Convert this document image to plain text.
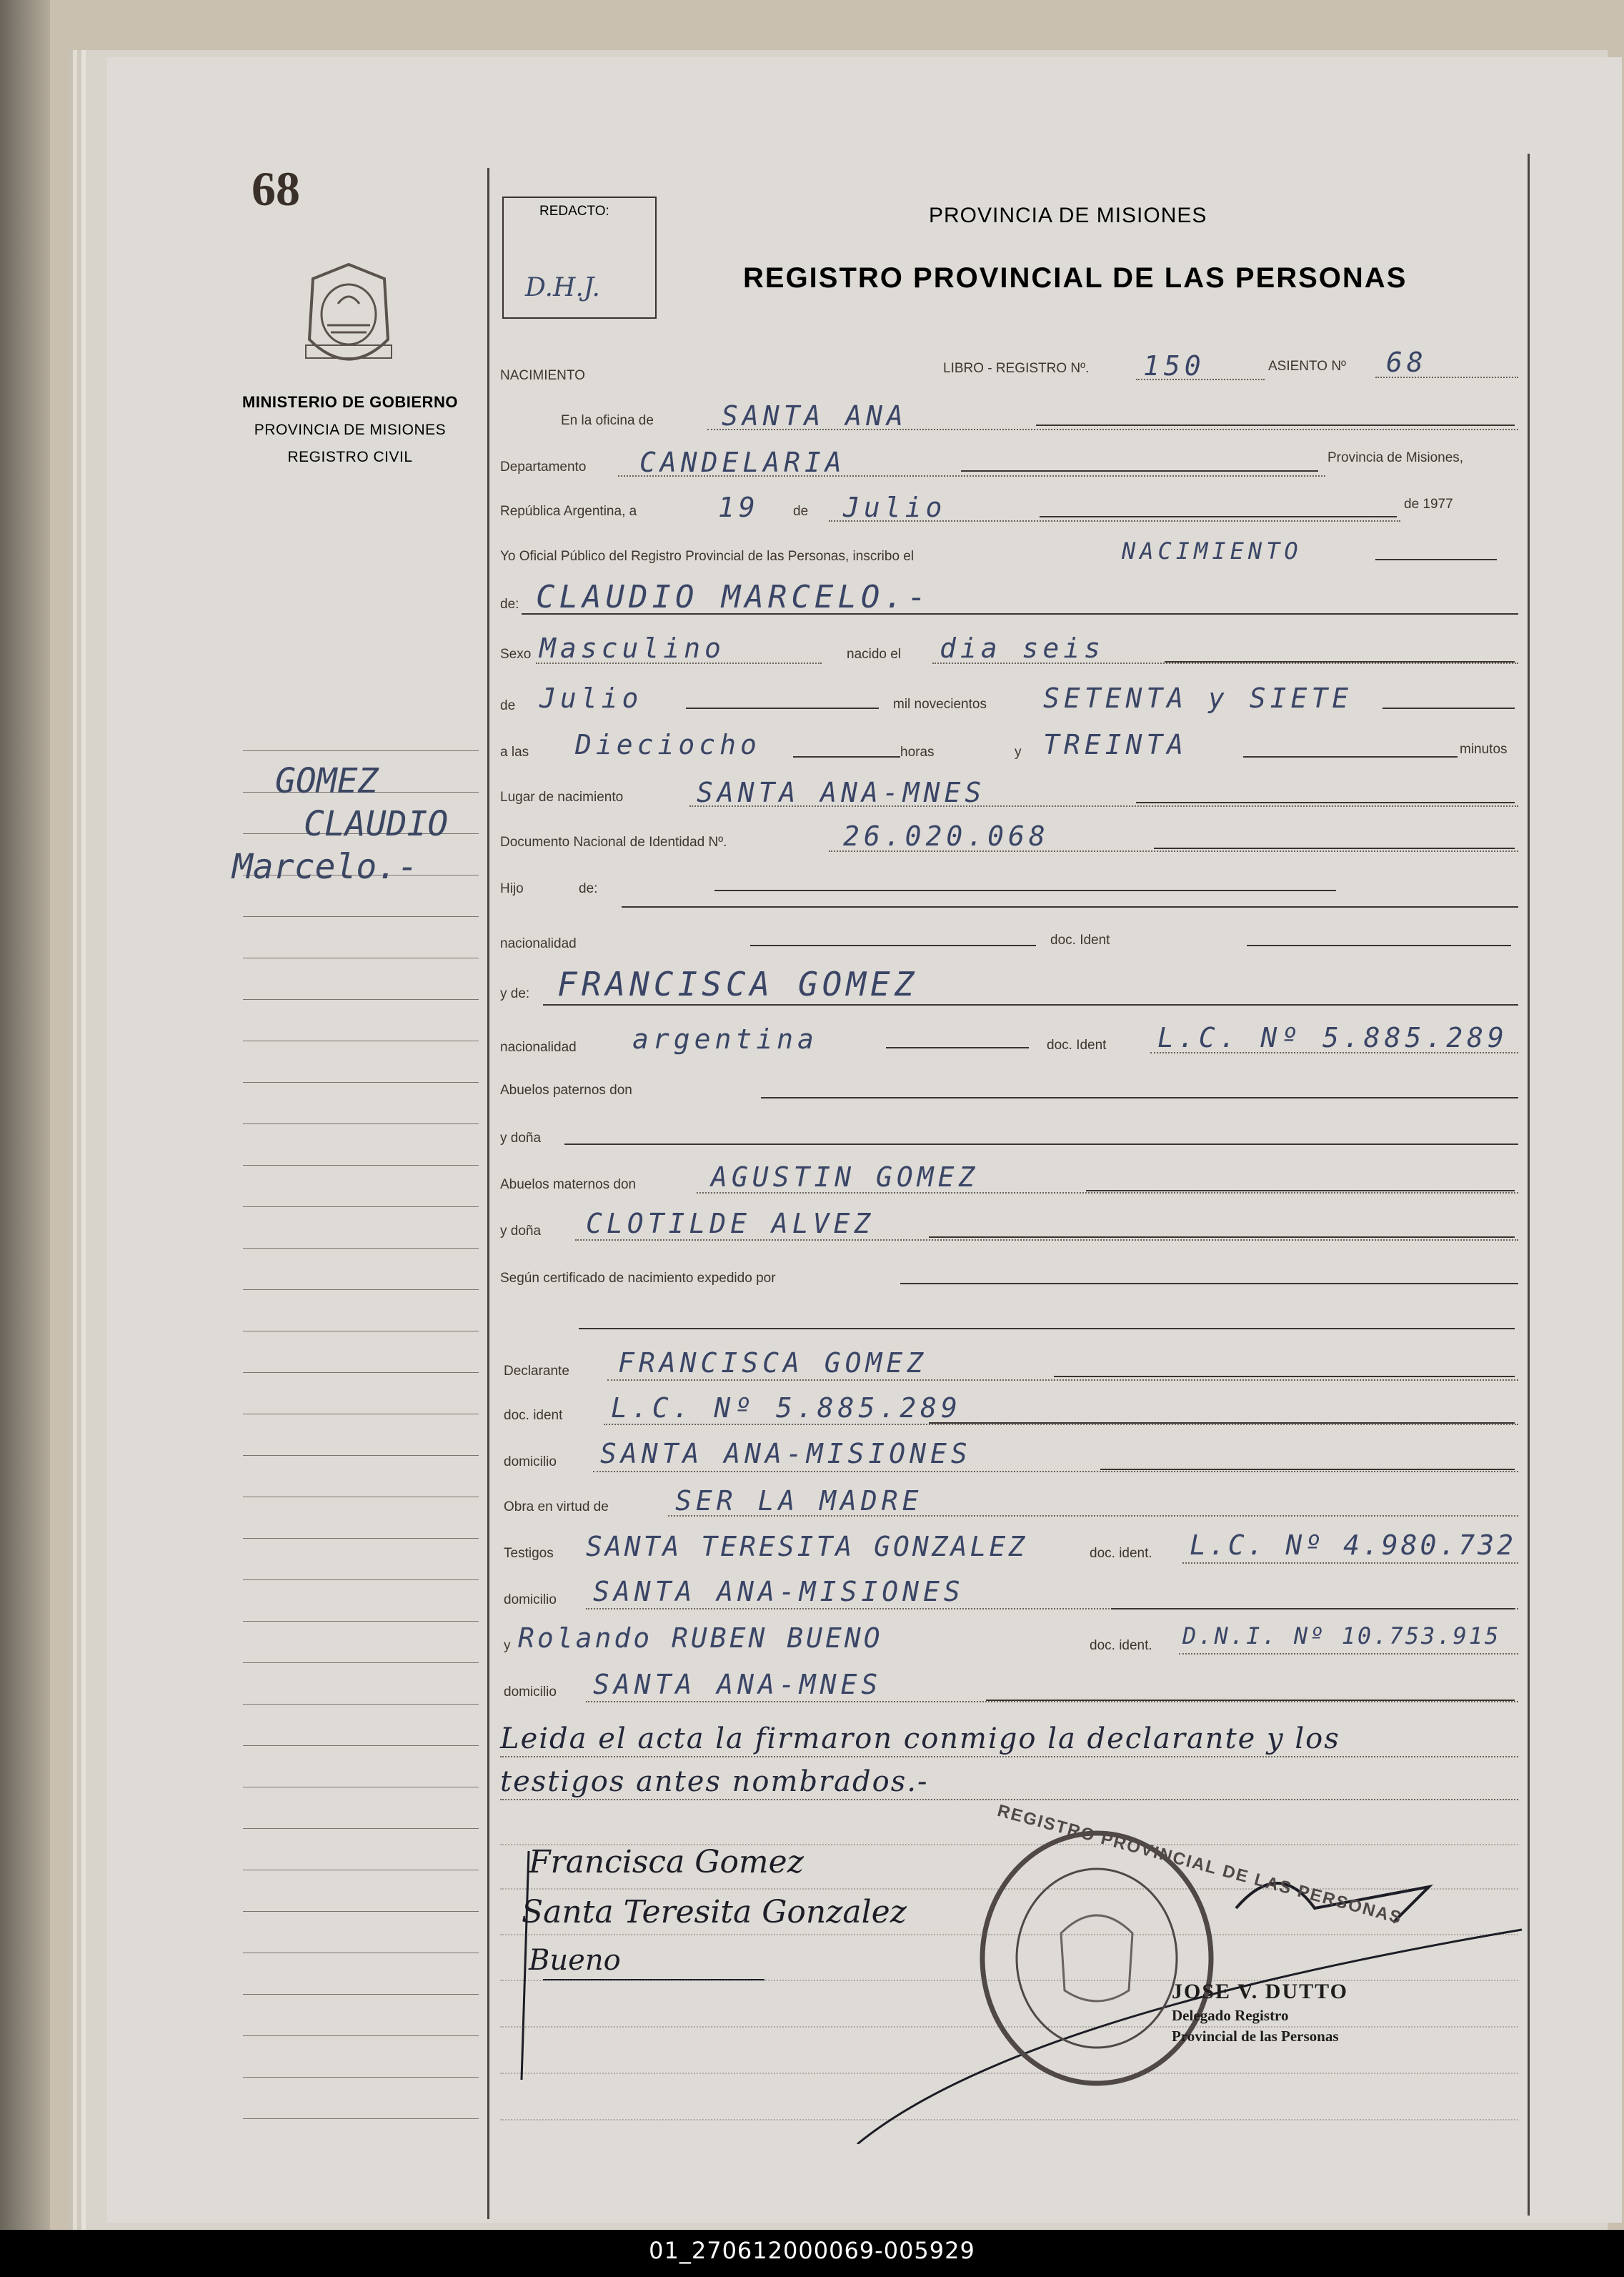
68
MINISTERIO DE GOBIERNO
PROVINCIA DE MISIONES
REGISTRO CIVIL
GOMEZ
CLAUDIO
Marcelo.-
REDACTO:
D.H.J.
PROVINCIA DE MISIONES
REGISTRO PROVINCIAL DE LAS PERSONAS
NACIMIENTO	LIBRO - REGISTRO Nº. 150	ASIENTO Nº 68
En la oficina de	SANTA ANA
Departamento CANDELARIA	Provincia de Misiones,
República Argentina, a	19 de Julio	de 1977
Yo Oficial Público del Registro Provincial de las Personas, inscribo el	NACIMIENTO
de: CLAUDIO MARCELO.-
Sexo Masculino	nacido el dia seis
de Julio	mil novecientos SETENTA y SIETE
a las Dieciocho	horas	y TREINTA	minutos
Lugar de nacimiento	SANTA ANA-MNES
Documento Nacional de Identidad Nº.	26.020.068
Hijo	de:
nacionalidad	doc. Ident
y de: FRANCISCA GOMEZ
nacionalidad argentina	doc. Ident L.C. Nº 5.885.289
Abuelos paternos don
y doña
Abuelos maternos don	AGUSTIN GOMEZ
y doña CLOTILDE ALVEZ
Según certificado de nacimiento expedido por
Declarante FRANCISCA GOMEZ
doc. ident L.C. Nº 5.885.289
domicilio SANTA ANA-MISIONES
Obra en virtud de SER LA MADRE
Testigos SANTA TERESITA GONZALEZ	doc. ident. L.C. Nº 4.980.732
domicilio SANTA ANA-MISIONES
y Rolando RUBEN BUENO	doc. ident. D.N.I. Nº 10.753.915
domicilio SANTA ANA-MNES
Leida el acta la firmaron conmigo la declarante y los
testigos antes nombrados.-
Francisca Gomez
Santa Teresita Gonzalez
Bueno
REGISTRO PROVINCIAL DE LAS PERSONAS
JOSE V. DUTTO
Delegado Registro
Provincial de las Personas
01_270612000069-005929
